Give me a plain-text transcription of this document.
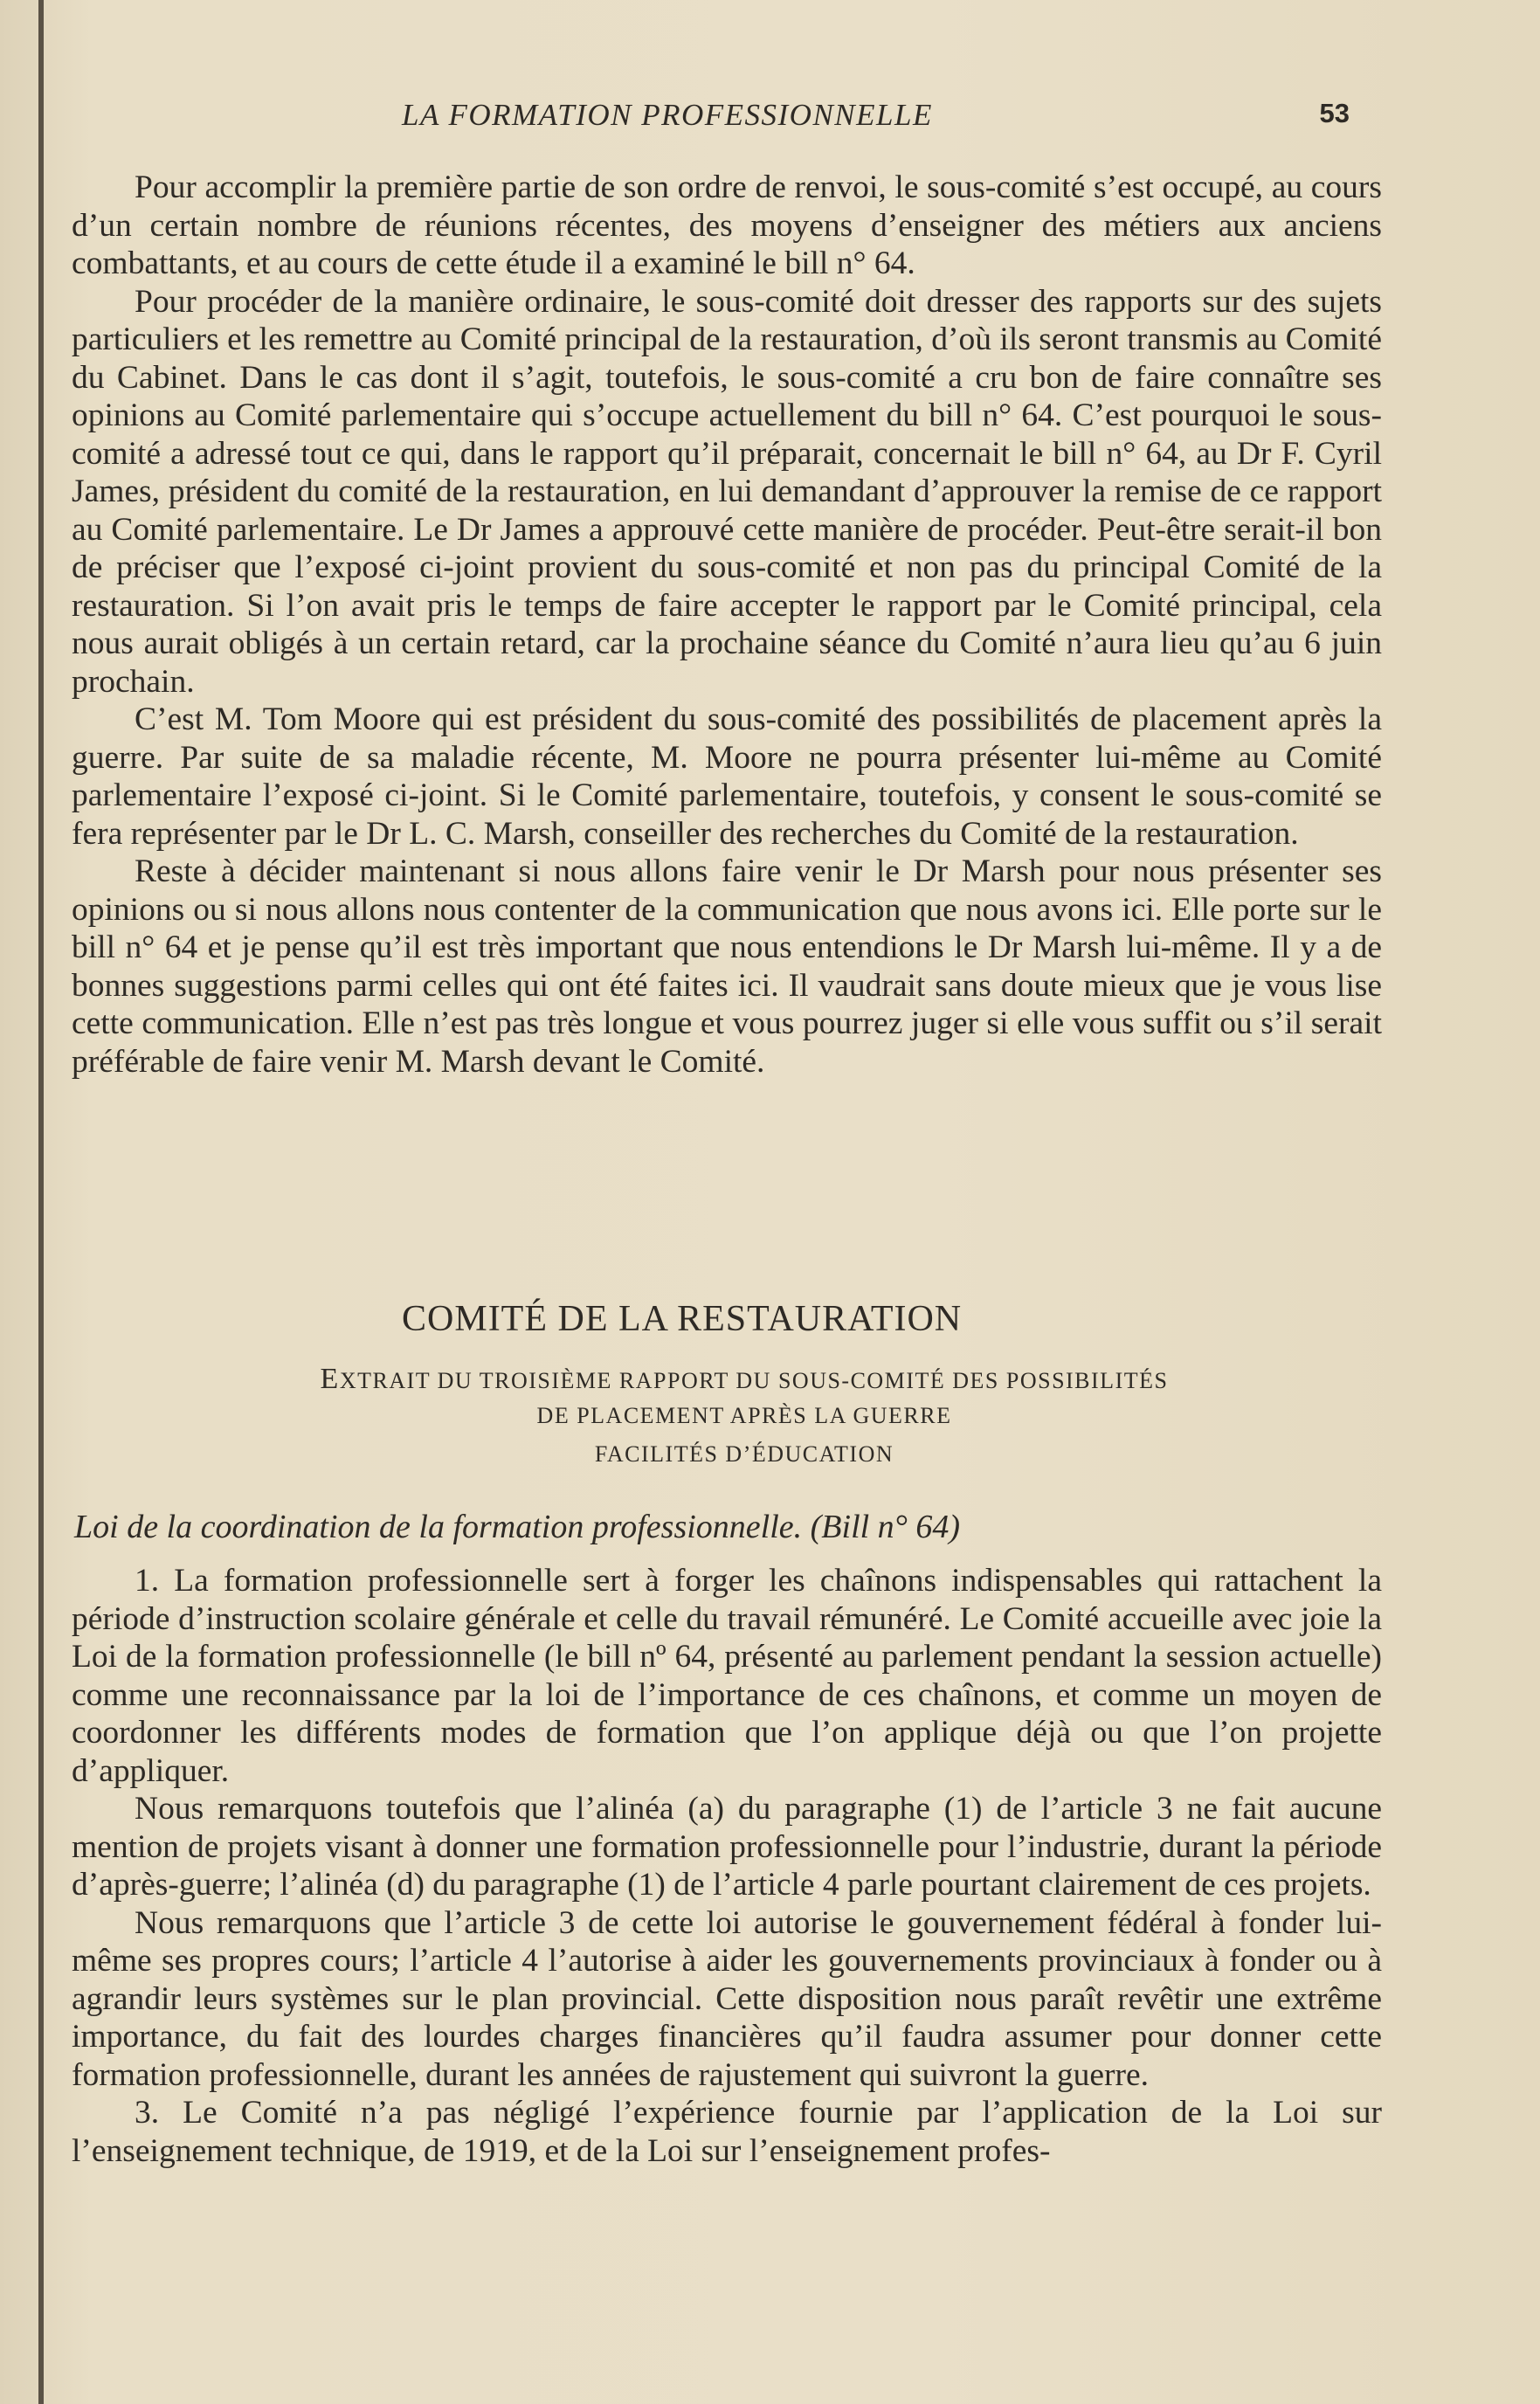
LA FORMATION PROFESSIONNELLE	53

Pour accomplir la première partie de son ordre de renvoi, le sous-comité s’est occupé, au cours d’un certain nombre de réunions récentes, des moyens d’enseigner des métiers aux anciens combattants, et au cours de cette étude il a examiné le bill n° 64.

Pour procéder de la manière ordinaire, le sous-comité doit dresser des rapports sur des sujets particuliers et les remettre au Comité principal de la restauration, d’où ils seront transmis au Comité du Cabinet. Dans le cas dont il s’agit, toutefois, le sous-comité a cru bon de faire connaître ses opinions au Comité parlementaire qui s’occupe actuellement du bill n° 64. C’est pourquoi le sous-comité a adressé tout ce qui, dans le rapport qu’il préparait, concernait le bill n° 64, au Dr F. Cyril James, président du comité de la restauration, en lui demandant d’approuver la remise de ce rapport au Comité parlementaire. Le Dr James a approuvé cette manière de procéder. Peut-être serait-il bon de préciser que l’exposé ci-joint provient du sous-comité et non pas du principal Comité de la restauration. Si l’on avait pris le temps de faire accepter le rapport par le Comité principal, cela nous aurait obligés à un certain retard, car la prochaine séance du Comité n’aura lieu qu’au 6 juin prochain.

C’est M. Tom Moore qui est président du sous-comité des possibilités de placement après la guerre. Par suite de sa maladie récente, M. Moore ne pourra présenter lui-même au Comité parlementaire l’exposé ci-joint. Si le Comité parlementaire, toutefois, y consent le sous-comité se fera représenter par le Dr L. C. Marsh, conseiller des recherches du Comité de la restauration.

Reste à décider maintenant si nous allons faire venir le Dr Marsh pour nous présenter ses opinions ou si nous allons nous contenter de la communication que nous avons ici. Elle porte sur le bill n° 64 et je pense qu’il est très important que nous entendions le Dr Marsh lui-même. Il y a de bonnes suggestions parmi celles qui ont été faites ici. Il vaudrait sans doute mieux que je vous lise cette communication. Elle n’est pas très longue et vous pourrez juger si elle vous suffit ou s’il serait préférable de faire venir M. Marsh devant le Comité.

COMITÉ DE LA RESTAURATION
EXTRAIT DU TROISIÈME RAPPORT DU SOUS-COMITÉ DES POSSIBILITÉS
DE PLACEMENT APRÈS LA GUERRE
FACILITÉS D’ÉDUCATION
Loi de la coordination de la formation professionnelle. (Bill n° 64)

1. La formation professionnelle sert à forger les chaînons indispensables qui rattachent la période d’instruction scolaire générale et celle du travail rémunéré. Le Comité accueille avec joie la Loi de la formation professionnelle (le bill nº 64, présenté au parlement pendant la session actuelle) comme une reconnaissance par la loi de l’importance de ces chaînons, et comme un moyen de coordonner les différents modes de formation que l’on applique déjà ou que l’on projette d’appliquer.

Nous remarquons toutefois que l’alinéa (a) du paragraphe (1) de l’article 3 ne fait aucune mention de projets visant à donner une formation professionnelle pour l’industrie, durant la période d’après-guerre; l’alinéa (d) du paragraphe (1) de l’article 4 parle pourtant clairement de ces projets.

Nous remarquons que l’article 3 de cette loi autorise le gouvernement fédéral à fonder lui-même ses propres cours; l’article 4 l’autorise à aider les gouvernements provinciaux à fonder ou à agrandir leurs systèmes sur le plan provincial. Cette disposition nous paraît revêtir une extrême importance, du fait des lourdes charges financières qu’il faudra assumer pour donner cette formation professionnelle, durant les années de rajustement qui suivront la guerre.

3. Le Comité n’a pas négligé l’expérience fournie par l’application de la Loi sur l’enseignement technique, de 1919, et de la Loi sur l’enseignement profes-
